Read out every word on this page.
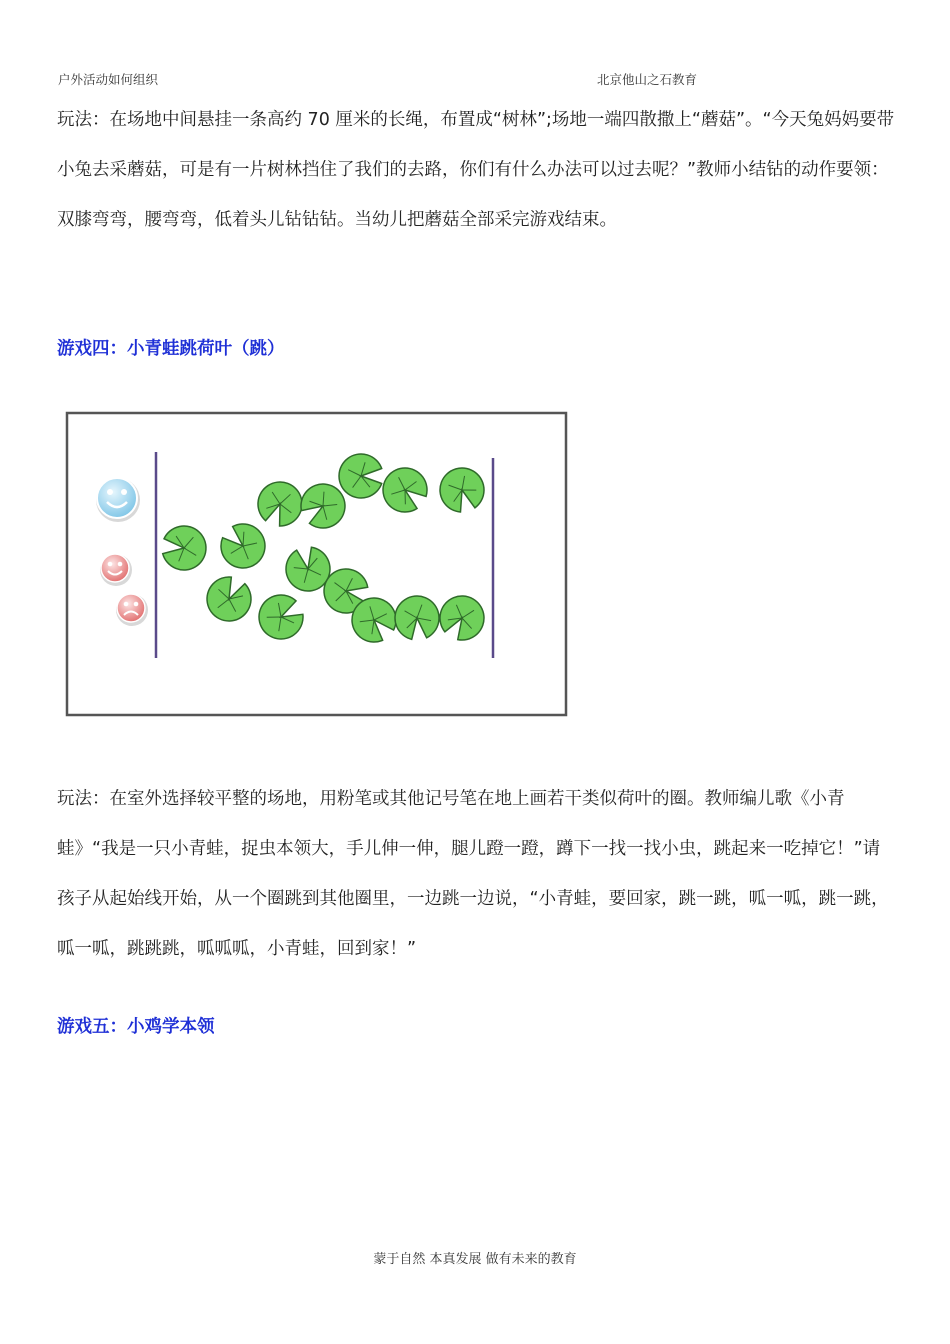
户外活动如何组织	北京他山之石教育

玩法：在场地中间悬挂一条高约 70 厘米的长绳，布置成“树林”;场地一端四散撒上“蘑菇”。“今天兔妈妈要带小兔去采蘑菇，可是有一片树林挡住了我们的去路，你们有什么办法可以过去呢？”教师小结钻的动作要领：双膝弯弯，腰弯弯，低着头儿钻钻钻。当幼儿把蘑菇全部采完游戏结束。

游戏四：小青蛙跳荷叶（跳）

玩法：在室外选择较平整的场地，用粉笔或其他记号笔在地上画若干类似荷叶的圈。教师编儿歌《小青蛙》“我是一只小青蛙，捉虫本领大，手儿伸一伸，腿儿蹬一蹬，蹲下一找一找小虫，跳起来一吃掉它！”请孩子从起始线开始，从一个圈跳到其他圈里，一边跳一边说，“小青蛙，要回家，跳一跳，呱一呱，跳一跳，呱一呱，跳跳跳，呱呱呱，小青蛙，回到家！”

游戏五：小鸡学本领
蒙于自然 本真发展 做有未来的教育
